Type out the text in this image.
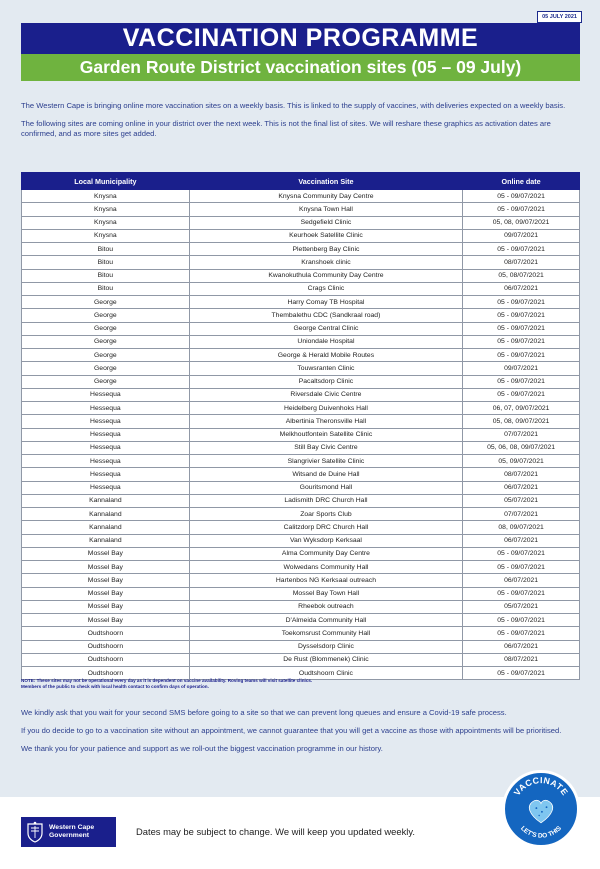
05 JULY 2021
VACCINATION PROGRAMME
Garden Route District vaccination sites (05 – 09 July)

The Western Cape is bringing online more vaccination sites on a weekly basis. This is linked to the supply of vaccines, with deliveries expected on a weekly basis.

The following sites are coming online in your district over the next week. This is not the final list of sites. We will reshare these graphics as activation dates are confirmed, and as more sites get added.

Local Municipality	Vaccination Site	Online date
Knysna	Knysna Community Day Centre	05 - 09/07/2021
Knysna	Knysna Town Hall	05 - 09/07/2021
Knysna	Sedgefield Clinic	05, 08, 09/07/2021
Knysna	Keurhoek Satellite Clinic	09/07/2021
Bitou	Plettenberg Bay Clinic	05 - 09/07/2021
Bitou	Kranshoek clinic	08/07/2021
Bitou	Kwanokuthula Community Day Centre	05, 08/07/2021
Bitou	Crags Clinic	06/07/2021
George	Harry Comay TB Hospital	05 - 09/07/2021
George	Thembalethu CDC (Sandkraal road)	05 - 09/07/2021
George	George Central Clinic	05 - 09/07/2021
George	Uniondale Hospital	05 - 09/07/2021
George	George & Herald Mobile Routes	05 - 09/07/2021
George	Touwsranten Clinic	09/07/2021
George	Pacaltsdorp Clinic	05 - 09/07/2021
Hessequa	Riversdale Civic Centre	05 - 09/07/2021
Hessequa	Heidelberg Duivenhoks Hall	06, 07, 09/07/2021
Hessequa	Albertinia Theronsville Hall	05, 08, 09/07/2021
Hessequa	Melkhoutfontein Satellite Clinic	07/07/2021
Hessequa	Still Bay Civic Centre	05, 06, 08, 09/07/2021
Hessequa	Slangrivier Satellite Clinic	05, 09/07/2021
Hessequa	Witsand de Duine Hall	08/07/2021
Hessequa	Gouritsmond Hall	06/07/2021
Kannaland	Ladismith DRC Church Hall	05/07/2021
Kannaland	Zoar Sports Club	07/07/2021
Kannaland	Calitzdorp DRC Church Hall	08, 09/07/2021
Kannaland	Van Wyksdorp Kerksaal	06/07/2021
Mossel Bay	Alma Community Day Centre	05 - 09/07/2021
Mossel Bay	Wolwedans Community Hall	05 - 09/07/2021
Mossel Bay	Hartenbos NG Kerksaal outreach	06/07/2021
Mossel Bay	Mossel Bay Town Hall	05 - 09/07/2021
Mossel Bay	Rheebok outreach	05/07/2021
Mossel Bay	D'Almeida Community Hall	05 - 09/07/2021
Oudtshoorn	Toekomsrust Community Hall	05 - 09/07/2021
Oudtshoorn	Dysselsdorp Clinic	06/07/2021
Oudtshoorn	De Rust (Blommenek) Clinic	08/07/2021
Oudtshoorn	Oudtshoorn Clinic	05 - 09/07/2021
NOTE: These sites may not be operational every day as it is dependent on vaccine availability. Roving teams will visit satellite clinics.
Members of the public to check with local health contact to confirm days of operation.

We kindly ask that you wait for your second SMS before going to a site so that we can prevent long queues and ensure a Covid-19 safe process.

If you do decide to go to a vaccination site without an appointment, we cannot guarantee that you will get a vaccine as those with appointments will be prioritised.

We thank you for your patience and support as we roll-out the biggest vaccination programme in our history.

Western Cape
Government	Dates may be subject to change. We will keep you updated weekly.
VACCINATE
LET'S DO THIS
